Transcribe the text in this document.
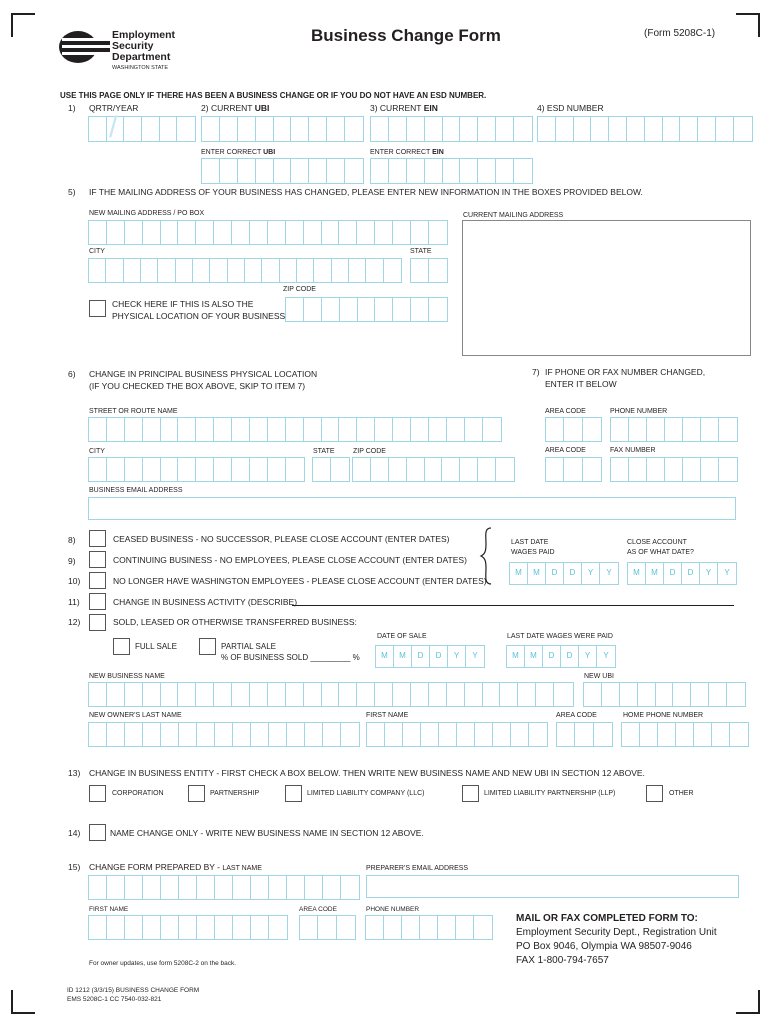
Employment
Security
Department
WASHINGTON STATE
Business Change Form	(Form 5208C-1)
USE THIS PAGE ONLY IF THERE HAS BEEN A BUSINESS CHANGE OR IF YOU DO NOT HAVE AN ESD NUMBER.
1) QRTR/YEAR	2) CURRENT UBI	3) CURRENT EIN	4) ESD NUMBER
/
ENTER CORRECT UBI	ENTER CORRECT EIN
5) IF THE MAILING ADDRESS OF YOUR BUSINESS HAS CHANGED, PLEASE ENTER NEW INFORMATION IN THE BOXES PROVIDED BELOW.
NEW MAILING ADDRESS / PO BOX	CURRENT MAILING ADDRESS
CITY	STATE
ZIP CODE
CHECK HERE IF THIS IS ALSO THE
PHYSICAL LOCATION OF YOUR BUSINESS
6) CHANGE IN PRINCIPAL BUSINESS PHYSICAL LOCATION
(IF YOU CHECKED THE BOX ABOVE, SKIP TO ITEM 7)
7) IF PHONE OR FAX NUMBER CHANGED,
ENTER IT BELOW
STREET OR ROUTE NAME	AREA CODE	PHONE NUMBER
CITY	STATE	ZIP CODE	AREA CODE	FAX NUMBER
BUSINESS EMAIL ADDRESS
8)	CEASED BUSINESS - NO SUCCESSOR, PLEASE CLOSE ACCOUNT (ENTER DATES)
9)	CONTINUING BUSINESS - NO EMPLOYEES, PLEASE CLOSE ACCOUNT (ENTER DATES)
10)	NO LONGER HAVE WASHINGTON EMPLOYEES - PLEASE CLOSE ACCOUNT (ENTER DATES)
LAST DATE
WAGES PAID
CLOSE ACCOUNT
AS OF WHAT DATE?
M	M	D	D	Y	Y	M	M	D	D	Y	Y
11)	CHANGE IN BUSINESS ACTIVITY (DESCRIBE)
12)	SOLD, LEASED OR OTHERWISE TRANSFERRED BUSINESS:
FULL SALE	PARTIAL SALE
% OF BUSINESS SOLD _________ %
DATE OF SALE	LAST DATE WAGES WERE PAID
M	M	D	D	Y	Y	M	M	D	D	Y	Y
NEW BUSINESS NAME	NEW UBI
NEW OWNER'S LAST NAME	FIRST NAME	AREA CODE	HOME PHONE NUMBER
13) CHANGE IN BUSINESS ENTITY - FIRST CHECK A BOX BELOW. THEN WRITE NEW BUSINESS NAME AND NEW UBI IN SECTION 12 ABOVE.
CORPORATION	PARTNERSHIP	LIMITED LIABILITY COMPANY (LLC)	LIMITED LIABILITY PARTNERSHIP (LLP)	OTHER
14)	NAME CHANGE ONLY - WRITE NEW BUSINESS NAME IN SECTION 12 ABOVE.
15) CHANGE FORM PREPARED BY - LAST NAME	PREPARER'S EMAIL ADDRESS
FIRST NAME	AREA CODE	PHONE NUMBER
MAIL OR FAX COMPLETED FORM TO:
Employment Security Dept., Registration Unit
PO Box 9046, Olympia WA 98507-9046
FAX 1-800-794-7657
For owner updates, use form 5208C-2 on the back.
ID 1212 (3/3/15) BUSINESS CHANGE FORM
EMS 5208C-1 CC 7540-032-821
